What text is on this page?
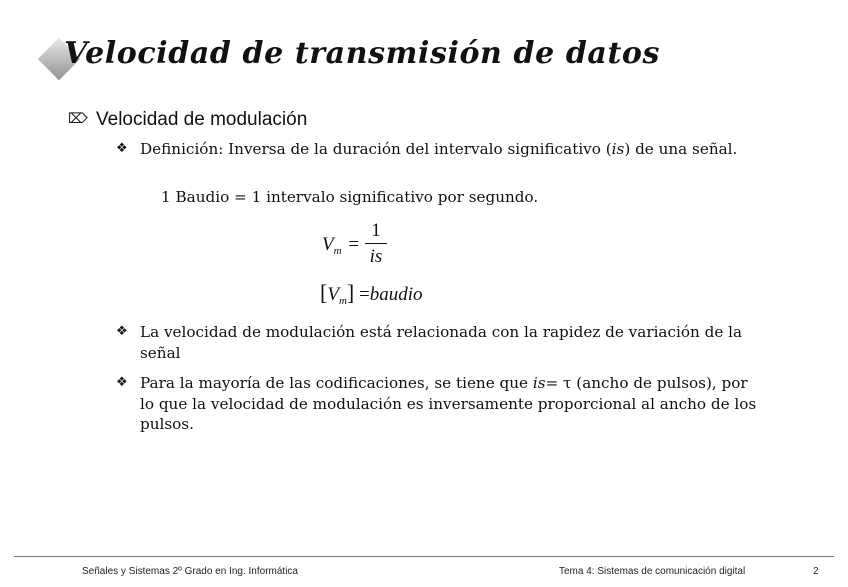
Velocidad de transmisión de datos
⌦ Velocidad de modulación
❖ Definición: Inversa de la duración del intervalo significativo (is) de una señal.
1 Baudio = 1 intervalo significativo por segundo.
$V_m$ =
1
is
$[V_m]$ =baudio
❖ La velocidad de modulación está relacionada con la rapidez de variación de la señal
❖ Para la mayoría de las codificaciones, se tiene que is= τ (ancho de pulsos), por lo que la velocidad de modulación es inversamente proporcional al ancho de los pulsos.
Señales y Sistemas 2º Grado en Ing. Informática	Tema 4: Sistemas de comunicación digital	2
